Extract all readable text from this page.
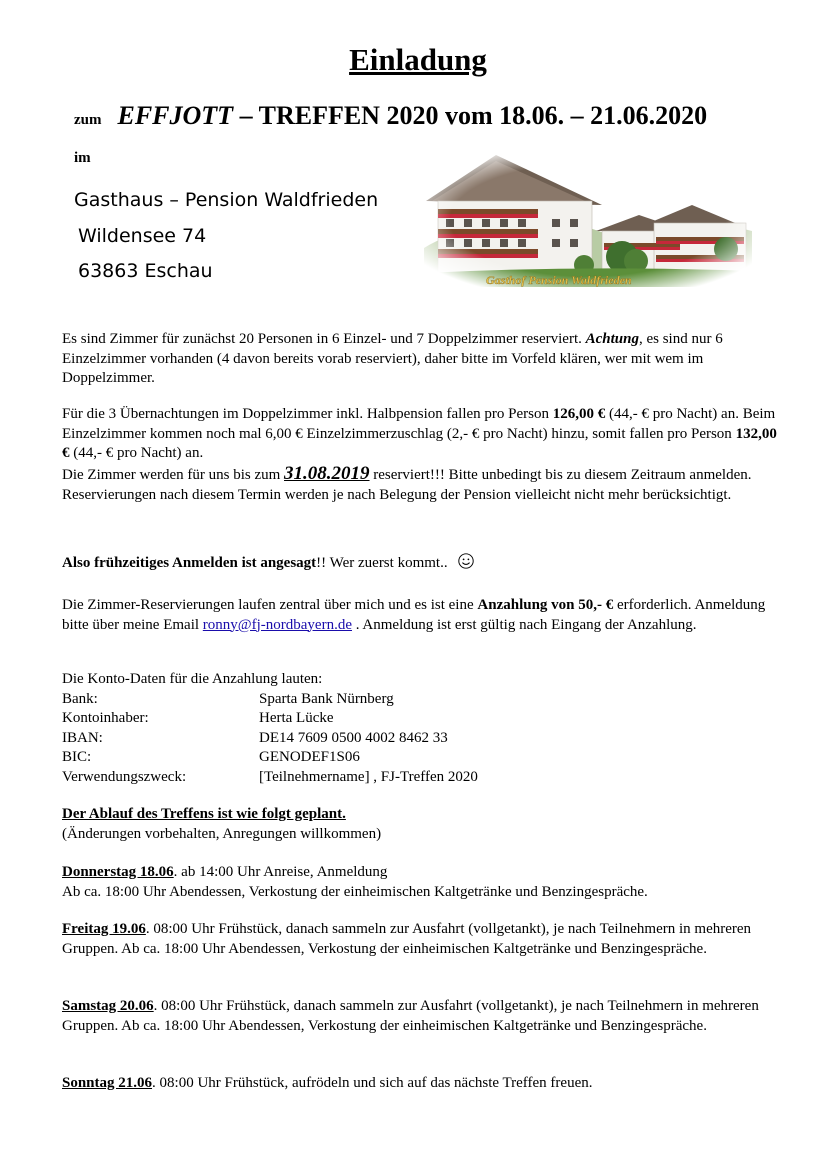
Einladung
zum EFFJOTT – TREFFEN 2020 vom 18.06. – 21.06.2020
im
Gasthaus – Pension Waldfrieden
Wildensee 74
63863 Eschau	Gasthof Pension Waldfrieden
Es sind Zimmer für zunächst 20 Personen in 6 Einzel- und 7 Doppelzimmer reserviert. Achtung, es sind nur 6 Einzelzimmer vorhanden (4 davon bereits vorab reserviert), daher bitte im Vorfeld klären, wer mit wem im Doppelzimmer.
Für die 3 Übernachtungen im Doppelzimmer inkl. Halbpension fallen pro Person 126,00 € (44,- € pro Nacht) an. Beim Einzelzimmer kommen noch mal 6,00 € Einzelzimmerzuschlag (2,- € pro Nacht) hinzu, somit fallen pro Person 132,00 € (44,- € pro Nacht) an.
Die Zimmer werden für uns bis zum 31.08.2019 reserviert!!! Bitte unbedingt bis zu diesem Zeitraum anmelden. Reservierungen nach diesem Termin werden je nach Belegung der Pension vielleicht nicht mehr berücksichtigt.
Also frühzeitiges Anmelden ist angesagt!! Wer zuerst kommt..
Die Zimmer-Reservierungen laufen zentral über mich und es ist eine Anzahlung von 50,- € erforderlich. Anmeldung bitte über meine Email ronny@fj-nordbayern.de . Anmeldung ist erst gültig nach Eingang der Anzahlung.
Die Konto-Daten für die Anzahlung lauten:
Bank:	Sparta Bank Nürnberg
Kontoinhaber:	Herta Lücke
IBAN:	DE14 7609 0500 4002 8462 33
BIC:	GENODEF1S06
Verwendungszweck:	[Teilnehmername] , FJ-Treffen 2020
Der Ablauf des Treffens ist wie folgt geplant.
(Änderungen vorbehalten, Anregungen willkommen)
Donnerstag 18.06. ab 14:00 Uhr Anreise, Anmeldung
Ab ca. 18:00 Uhr Abendessen, Verkostung der einheimischen Kaltgetränke und Benzingespräche.
Freitag 19.06. 08:00 Uhr Frühstück, danach sammeln zur Ausfahrt (vollgetankt), je nach Teilnehmern in mehreren Gruppen. Ab ca. 18:00 Uhr Abendessen, Verkostung der einheimischen Kaltgetränke und Benzingespräche.
Samstag 20.06. 08:00 Uhr Frühstück, danach sammeln zur Ausfahrt (vollgetankt), je nach Teilnehmern in mehreren Gruppen. Ab ca. 18:00 Uhr Abendessen, Verkostung der einheimischen Kaltgetränke und Benzingespräche.
Sonntag 21.06. 08:00 Uhr Frühstück, aufrödeln und sich auf das nächste Treffen freuen.
